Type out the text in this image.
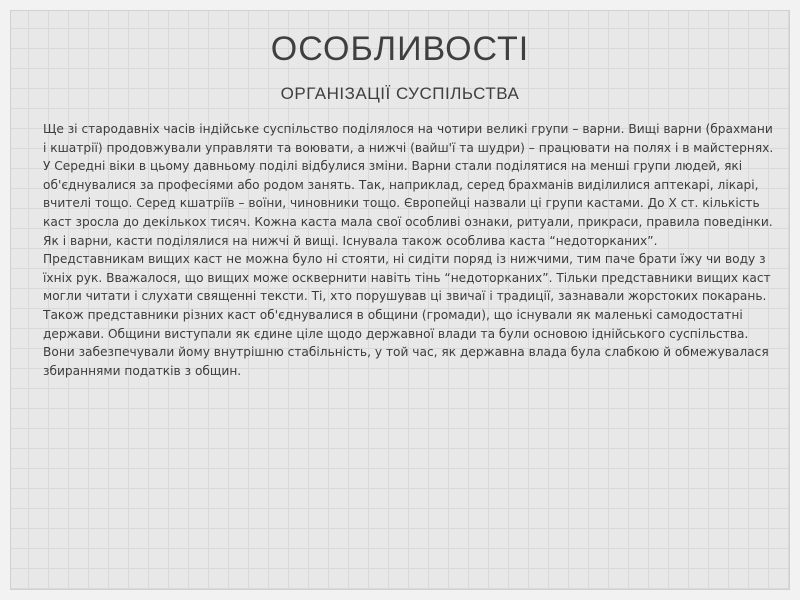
ОСОБЛИВОСТІ
ОРГАНІЗАЦІЇ СУСПІЛЬСТВА

Ще зі стародавніх часів індійське суспільство поділялося на чотири великі групи – варни. Вищі варни (брахмани і кшатрії) продовжували управляти та воювати, а нижчі (вайш'ї та шудри) – працювати на полях і в майстернях. У Середні віки в цьому давньому поділі відбулися зміни. Варни стали поділятися на менші групи людей, які об'єднувалися за професіями або родом занять. Так, наприклад, серед брахманів виділилися аптекарі, лікарі, вчителі тощо. Серед кшатріїв – воїни, чиновники тощо. Європейці назвали ці групи кастами. До Х ст. кількість каст зросла до декількох тисяч. Кожна каста мала свої особливі ознаки, ритуали, прикраси, правила поведінки. Як і варни, касти поділялися на нижчі й вищі. Існувала також особлива каста “недоторканих”.

Представникам вищих каст не можна було ні стояти, ні сидіти поряд із нижчими, тим паче брати їжу чи воду з їхніх рук. Вважалося, що вищих може осквернити навіть тінь “недоторканих”. Тільки представники вищих каст могли читати і слухати священні тексти. Ті, хто порушував ці звичаї і традиції, зазнавали жорстоких покарань.

Також представники різних каст об'єднувалися в общини (громади), що існували як маленькі самодостатні держави. Общини виступали як єдине ціле щодо державної влади та були основою іднійського суспільства. Вони забезпечували йому внутрішню стабільність, у той час, як державна влада була слабкою й обмежувалася збираннями податків з общин.
